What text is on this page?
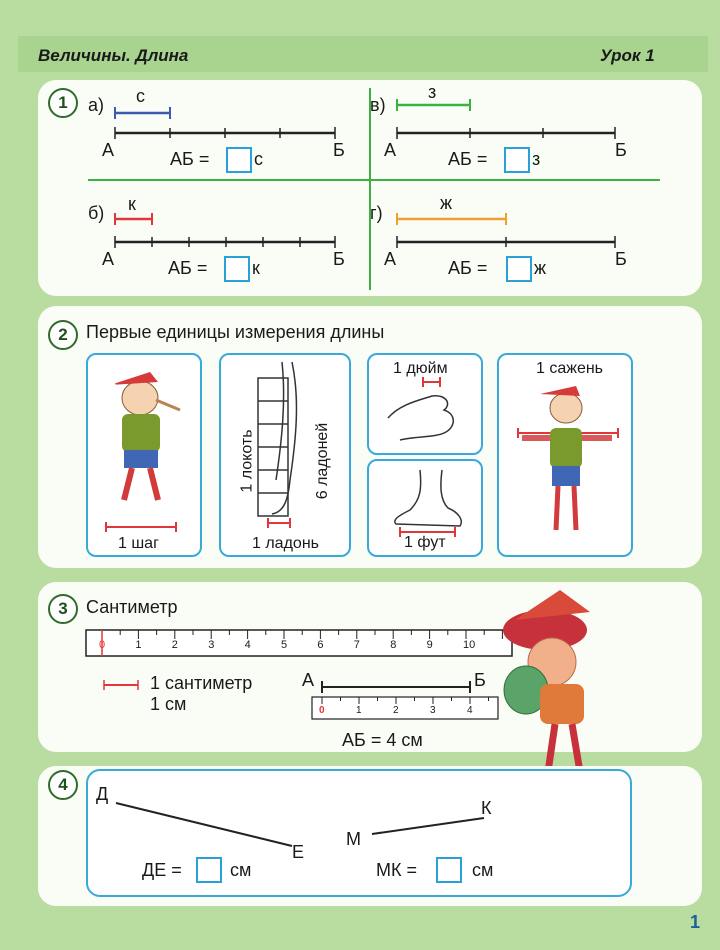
Величины. Длина	Урок 1
1	а) с
А	Б
АБ = с
б) к
А	Б
АБ = к
в)
з
А	Б
АБ = з
г)	ж
А	Б
АБ =	ж
2	Первые единицы измерения длины
1 шаг
1 локоть	6 ладоней
1 ладонь
1 дюйм
1 фут
1 сажень
3	Сантиметр
0	1	2	3	4	5	6	7	8	9	10
0	1	2	3	4
1 сантиметр
1 см
А	Б
АБ = 4 см
4	Д
Е
М
К
ДЕ =	см	МК =	см
1
